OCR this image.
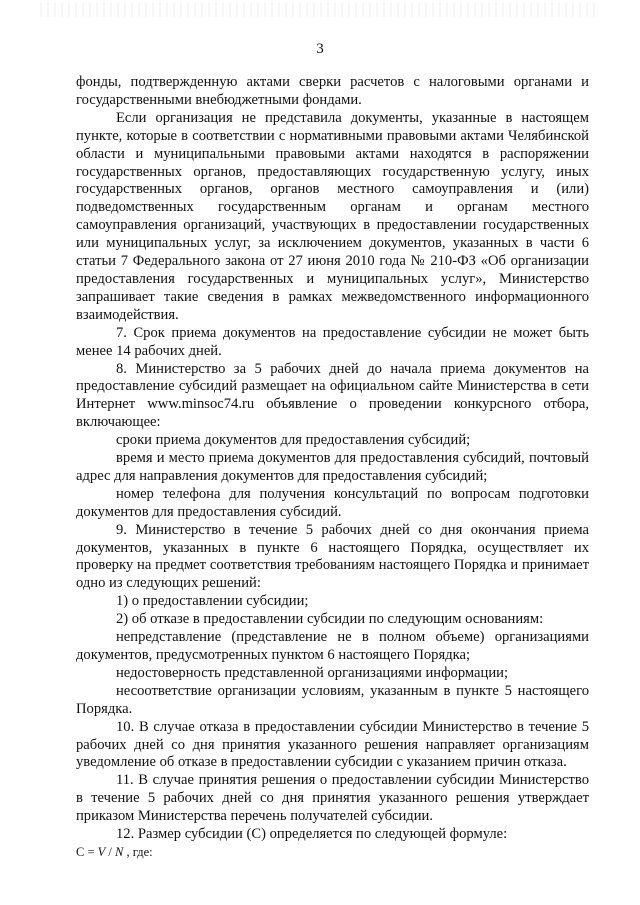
3

фонды, подтвержденную актами сверки расчетов с налоговыми органами и государственными внебюджетными фондами.

Если организация не представила документы, указанные в настоящем пункте, которые в соответствии с нормативными правовыми актами Челябинской области и муниципальными правовыми актами находятся в распоряжении государственных органов, предоставляющих государственную услугу, иных государственных органов, органов местного самоуправления и (или) подведомственных государственным органам и органам местного самоуправления организаций, участвующих в предоставлении государственных или муниципальных услуг, за исключением документов, указанных в части 6 статьи 7 Федерального закона от 27 июня 2010 года № 210-ФЗ «Об организации предоставления государственных и муниципальных услуг», Министерство запрашивает такие сведения в рамках межведомственного информационного взаимодействия.

7. Срок приема документов на предоставление субсидии не может быть менее 14 рабочих дней.

8. Министерство за 5 рабочих дней до начала приема документов на предоставление субсидий размещает на официальном сайте Министерства в сети Интернет www.minsoc74.ru объявление о проведении конкурсного отбора, включающее:

сроки приема документов для предоставления субсидий;

время и место приема документов для предоставления субсидий, почтовый адрес для направления документов для предоставления субсидий;

номер телефона для получения консультаций по вопросам подготовки документов для предоставления субсидий.

9. Министерство в течение 5 рабочих дней со дня окончания приема документов, указанных в пункте 6 настоящего Порядка, осуществляет их проверку на предмет соответствия требованиям настоящего Порядка и принимает одно из следующих решений:

1) о предоставлении субсидии;

2) об отказе в предоставлении субсидии по следующим основаниям:

непредставление (представление не в полном объеме) организациями документов, предусмотренных пунктом 6 настоящего Порядка;

недостоверность представленной организациями информации;

несоответствие организации условиям, указанным в пункте 5 настоящего Порядка.

10. В случае отказа в предоставлении субсидии Министерство в течение 5 рабочих дней со дня принятия указанного решения направляет организациям уведомление об отказе в предоставлении субсидии с указанием причин отказа.

11. В случае принятия решения о предоставлении субсидии Министерство в течение 5 рабочих дней со дня принятия указанного решения утверждает приказом Министерства перечень получателей субсидии.

12. Размер субсидии (С) определяется по следующей формуле:

С = V / N , где:
